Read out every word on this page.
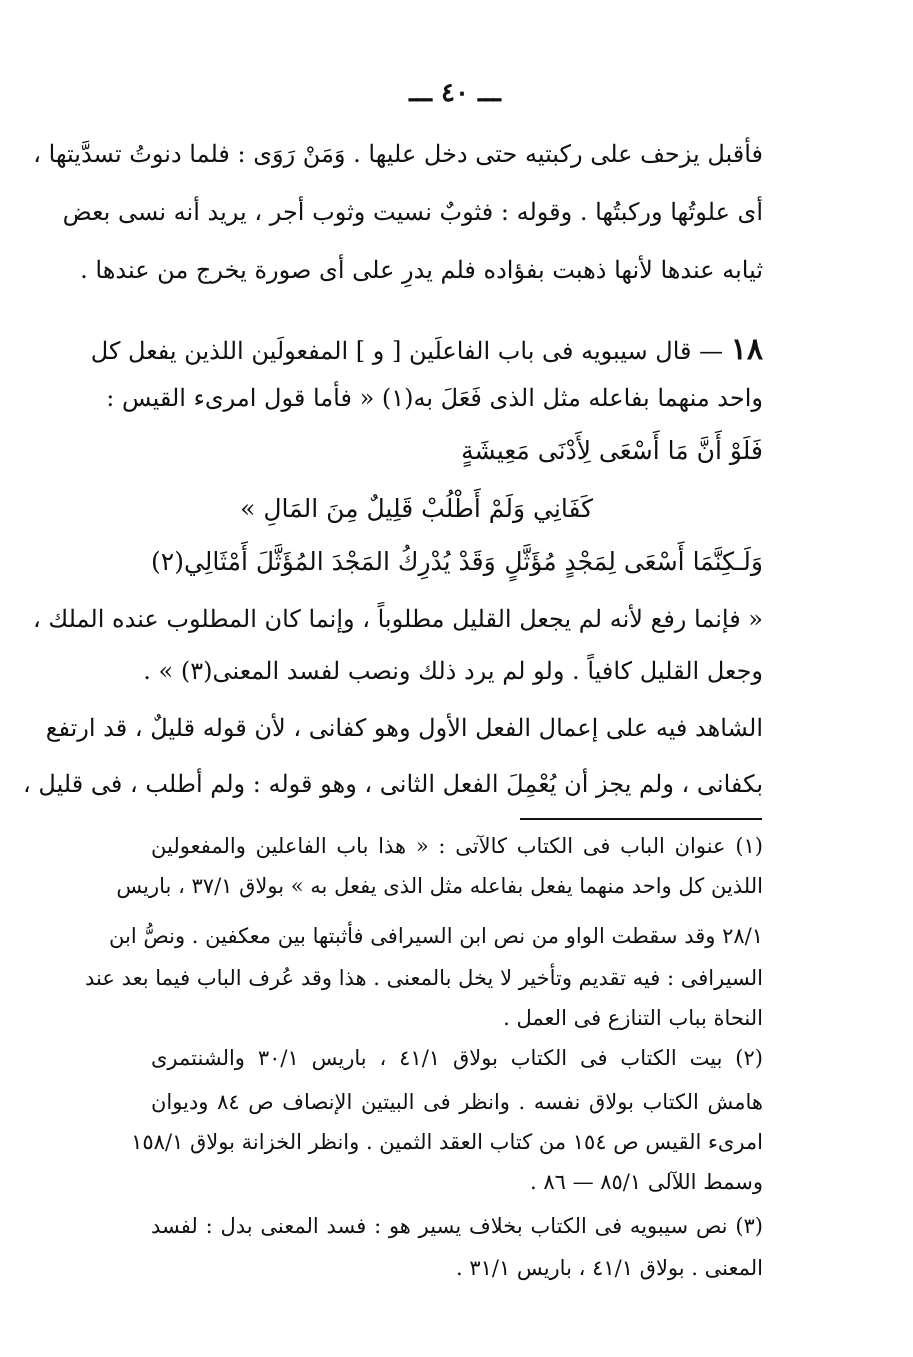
ـــ ٤٠ ـــ
فأقبل يزحف على ركبتيه حتى دخل عليها . وَمَنْ رَوَى : فلما دنوتُ تسدَّيتها ،
أى علوتُها وركبتُها . وقوله : فثوبٌ نسيت وثوب أجر ، يريد أنه نسى بعض
ثيابه عندها لأنها ذهبت بفؤاده فلم يدرِ على أى صورة يخرج من عندها .
١٨ — قال سيبويه فى باب الفاعلَين [ و ] المفعولَين اللذين يفعل كل
واحد منهما بفاعله مثل الذى فَعَلَ به(١) « فأما قول امرىء القيس :
فَلَوْ أَنَّ مَا أَسْعَى لِأَدْنَى مَعِيشَةٍ
كَفَانِي وَلَمْ أَطْلُبْ قَلِيلٌ مِنَ المَالِ »
وَلَـكِنَّمَا أَسْعَى لِمَجْدٍ مُؤَثَّلٍ
وَقَدْ يُدْرِكُ المَجْدَ المُؤَثَّلَ أَمْثَالِي(٢)
« فإنما رفع لأنه لم يجعل القليل مطلوباً ، وإنما كان المطلوب عنده الملك ،
وجعل القليل كافياً . ولو لم يرد ذلك ونصب لفسد المعنى(٣) » .
الشاهد فيه على إعمال الفعل الأول وهو كفانى ، لأن قوله قليلٌ ، قد ارتفع
بكفانى ، ولم يجز أن يُعْمِلَ الفعل الثانى ، وهو قوله : ولم أطلب ، فى قليل ،
(١) عنوان الباب فى الكتاب كالآتى : « هذا باب الفاعلين والمفعولين
اللذين كل واحد منهما يفعل بفاعله مثل الذى يفعل به » بولاق ٣٧/١ ، باريس
٢٨/١ وقد سقطت الواو من نص ابن السيرافى فأثبتها بين معكفين . ونصُّ ابن
السيرافى : فيه تقديم وتأخير لا يخل بالمعنى . هذا وقد عُرف الباب فيما بعد عند
النحاة بباب التنازع فى العمل .
(٢) بيت الكتاب فى الكتاب بولاق ٤١/١ ، باريس ٣٠/١ والشنتمرى
هامش الكتاب بولاق نفسه . وانظر فى البيتين الإنصاف ص ٨٤ وديوان
امرىء القيس ص ١٥٤ من كتاب العقد الثمين . وانظر الخزانة بولاق ١٥٨/١
وسمط اللآلى ٨٥/١ — ٨٦ .
(٣) نص سيبويه فى الكتاب بخلاف يسير هو : فسد المعنى بدل : لفسد
المعنى . بولاق ٤١/١ ، باريس ٣١/١ .
